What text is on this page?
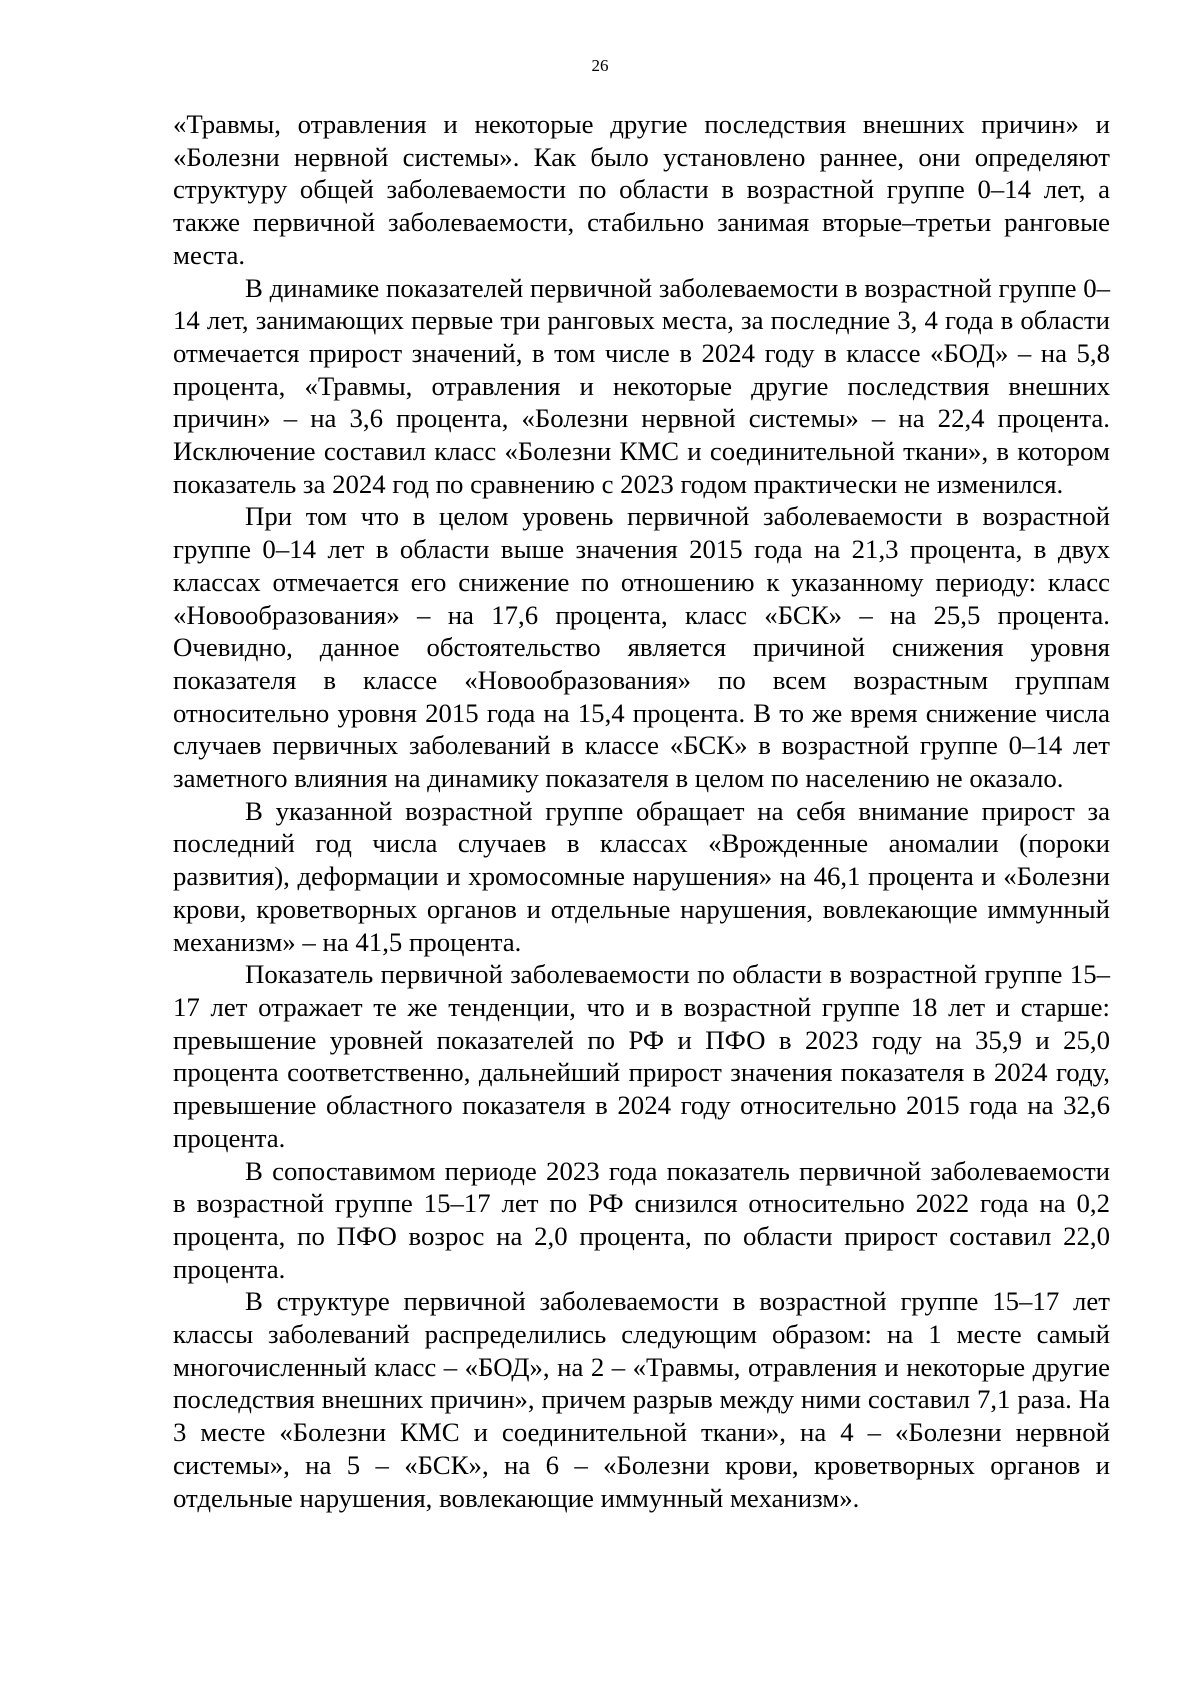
26

«Травмы, отравления и некоторые другие последствия внешних причин» и «Болезни нервной системы». Как было установлено раннее, они определяют структуру общей заболеваемости по области в возрастной группе 0–14 лет, а также первичной заболеваемости, стабильно занимая вторые–третьи ранговые места.

В динамике показателей первичной заболеваемости в возрастной группе 0–14 лет, занимающих первые три ранговых места, за последние 3, 4 года в области отмечается прирост значений, в том числе в 2024 году в классе «БОД» – на 5,8 процента, «Травмы, отравления и некоторые другие последствия внешних причин» – на 3,6 процента, «Болезни нервной системы» – на 22,4 процента. Исключение составил класс «Болезни КМС и соединительной ткани», в котором показатель за 2024 год по сравнению с 2023 годом практически не изменился.

При том что в целом уровень первичной заболеваемости в возрастной группе 0–14 лет в области выше значения 2015 года на 21,3 процента, в двух классах отмечается его снижение по отношению к указанному периоду: класс «Новообразования» – на 17,6 процента, класс «БСК» – на 25,5 процента. Очевидно, данное обстоятельство является причиной снижения уровня показателя в классе «Новообразования» по всем возрастным группам относительно уровня 2015 года на 15,4 процента. В то же время снижение числа случаев первичных заболеваний в классе «БСК» в возрастной группе 0–14 лет заметного влияния на динамику показателя в целом по населению не оказало.

В указанной возрастной группе обращает на себя внимание прирост за последний год числа случаев в классах «Врожденные аномалии (пороки развития), деформации и хромосомные нарушения» на 46,1 процента и «Болезни крови, кроветворных органов и отдельные нарушения, вовлекающие иммунный механизм» – на 41,5 процента.

Показатель первичной заболеваемости по области в возрастной группе 15–17 лет отражает те же тенденции, что и в возрастной группе 18 лет и старше: превышение уровней показателей по РФ и ПФО в 2023 году на 35,9 и 25,0 процента соответственно, дальнейший прирост значения показателя в 2024 году, превышение областного показателя в 2024 году относительно 2015 года на 32,6 процента.

В сопоставимом периоде 2023 года показатель первичной заболеваемости в возрастной группе 15–17 лет по РФ снизился относительно 2022 года на 0,2 процента, по ПФО возрос на 2,0 процента, по области прирост составил 22,0 процента.

В структуре первичной заболеваемости в возрастной группе 15–17 лет классы заболеваний распределились следующим образом: на 1 месте самый многочисленный класс – «БОД», на 2 – «Травмы, отравления и некоторые другие последствия внешних причин», причем разрыв между ними составил 7,1 раза. На 3 месте «Болезни КМС и соединительной ткани», на 4 – «Болезни нервной системы», на 5 – «БСК», на 6 – «Болезни крови, кроветворных органов и отдельные нарушения, вовлекающие иммунный механизм».
